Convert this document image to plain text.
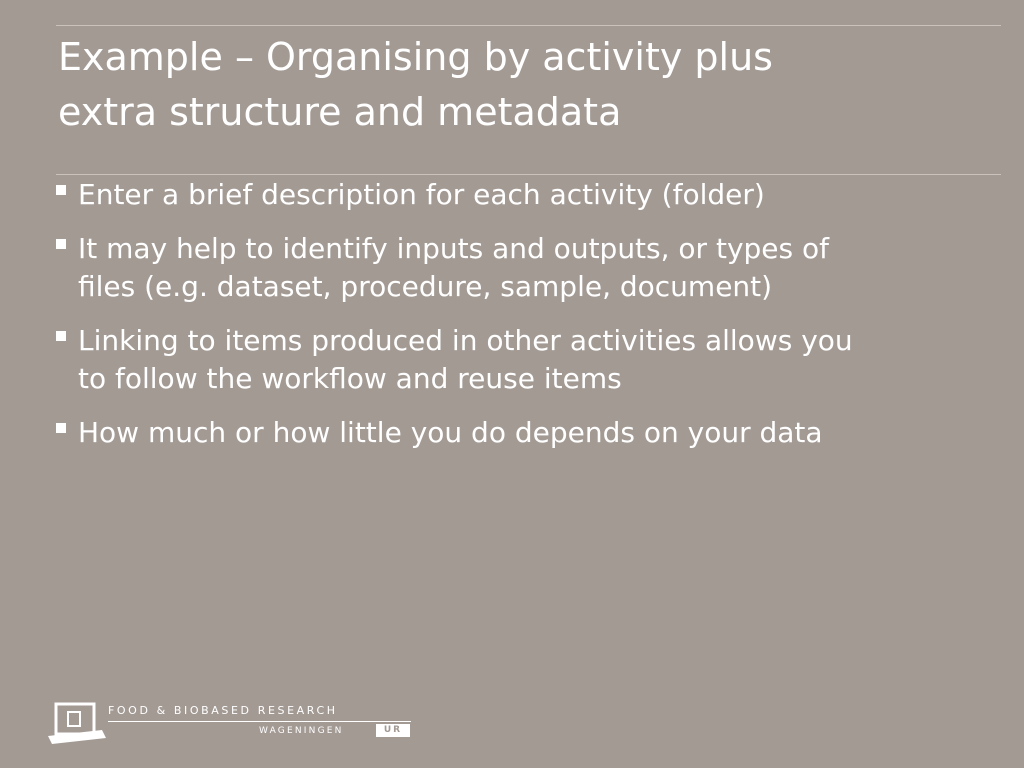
Example – Organising by activity plus
extra structure and metadata
Enter a brief description for each activity (folder)
It may help to identify inputs and outputs, or types of
files (e.g. dataset, procedure, sample, document)
Linking to items produced in other activities allows you
to follow the workflow and reuse items
How much or how little you do depends on your data
FOOD & BIOBASED RESEARCH
WAGENINGEN	UR
